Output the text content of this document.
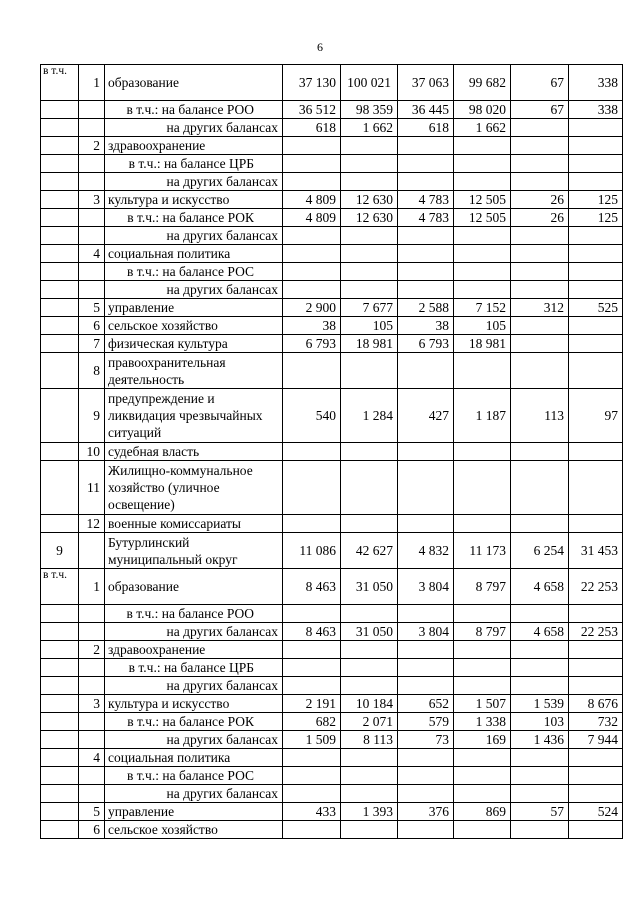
6
в т.ч.	1	образование	37 130	100 021	37 063	99 682	67	338
		в т.ч.: на балансе РОО	36 512	98 359	36 445	98 020	67	338
		на других балансах	618	1 662	618	1 662		
	2	здравоохранение						
		в т.ч.: на балансе ЦРБ						
		на других балансах						
	3	культура и искусство	4 809	12 630	4 783	12 505	26	125
		в т.ч.: на балансе РОК	4 809	12 630	4 783	12 505	26	125
		на других балансах						
	4	социальная политика						
		в т.ч.: на балансе РОС						
		на других балансах						
	5	управление	2 900	7 677	2 588	7 152	312	525
	6	сельское хозяйство	38	105	38	105		
	7	физическая культура	6 793	18 981	6 793	18 981		
	8	правоохранительная деятельность						
	9	предупреждение и ликвидация чрезвычайных ситуаций	540	1 284	427	1 187	113	97
	10	судебная власть						
	11	Жилищно-коммунальное хозяйство (уличное освещение)						
	12	военные комиссариаты						
9		Бутурлинский муниципальный округ	11 086	42 627	4 832	11 173	6 254	31 453
в т.ч.	1	образование	8 463	31 050	3 804	8 797	4 658	22 253
		в т.ч.: на балансе РОО						
		на других балансах	8 463	31 050	3 804	8 797	4 658	22 253
	2	здравоохранение						
		в т.ч.: на балансе ЦРБ						
		на других балансах						
	3	культура и искусство	2 191	10 184	652	1 507	1 539	8 676
		в т.ч.: на балансе РОК	682	2 071	579	1 338	103	732
		на других балансах	1 509	8 113	73	169	1 436	7 944
	4	социальная политика						
		в т.ч.: на балансе РОС						
		на других балансах						
	5	управление	433	1 393	376	869	57	524
	6	сельское хозяйство						
